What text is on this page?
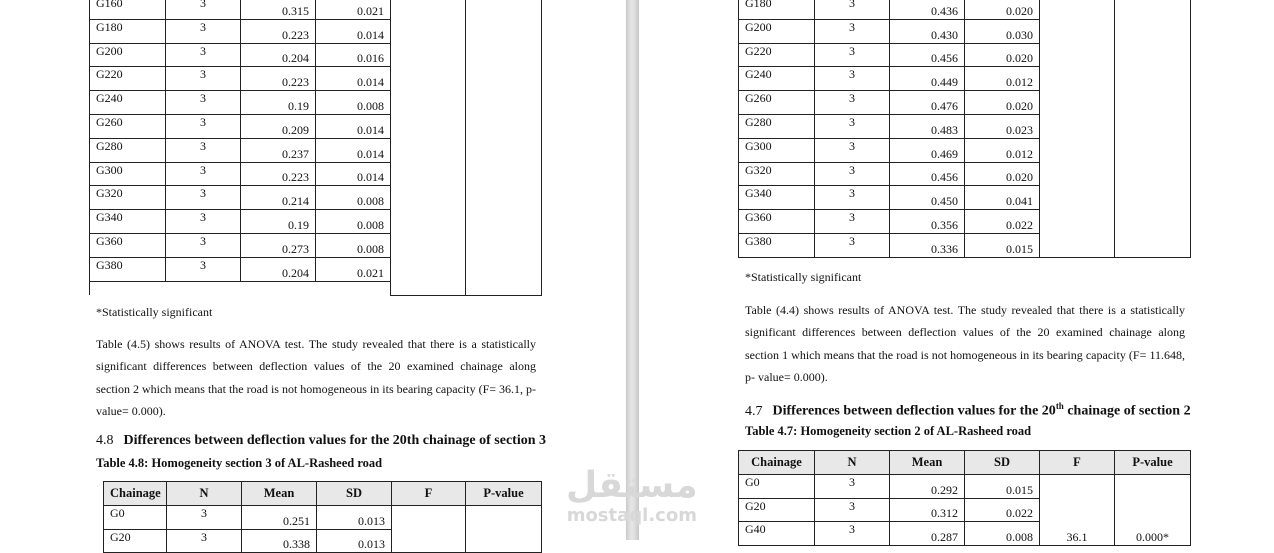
G160	3	0.315	0.021		
G180	3	0.223	0.014		
G200	3	0.204	0.016		
G220	3	0.223	0.014		
G240	3	0.19	0.008		
G260	3	0.209	0.014		
G280	3	0.237	0.014		
G300	3	0.223	0.014		
G320	3	0.214	0.008		
G340	3	0.19	0.008		
G360	3	0.273	0.008		
G380	3	0.204	0.021		

*Statistically significant
Table (4.5) shows results of ANOVA test. The study revealed that there is a statistically significant differences between deflection values of the 20 examined chainage along section 2 which means that the road is not homogeneous in its bearing capacity (F= 36.1, p- value= 0.000).
4.8 Differences between deflection values for the 20th chainage of section 3
Table 4.8: Homogeneity section 3 of AL-Rasheed road
Chainage	N	Mean	SD	F	P-value
G0	3	0.251	0.013		
G20	3	0.338	0.013		
G180	3	0.436	0.020		
G200	3	0.430	0.030		
G220	3	0.456	0.020		
G240	3	0.449	0.012		
G260	3	0.476	0.020		
G280	3	0.483	0.023		
G300	3	0.469	0.012		
G320	3	0.456	0.020		
G340	3	0.450	0.041		
G360	3	0.356	0.022		
G380	3	0.336	0.015		
*Statistically significant
Table (4.4) shows results of ANOVA test. The study revealed that there is a statistically significant differences between deflection values of the 20 examined chainage along section 1 which means that the road is not homogeneous in its bearing capacity (F= 11.648, p- value= 0.000).
4.7 Differences between deflection values for the 20th chainage of section 2
Table 4.7: Homogeneity section 2 of AL-Rasheed road
Chainage	N	Mean	SD	F	P-value
G0	3	0.292	0.015	36.1	0.000*
G20	3	0.312	0.022		
G40	3	0.287	0.008		
مستقل
mostaql.com
